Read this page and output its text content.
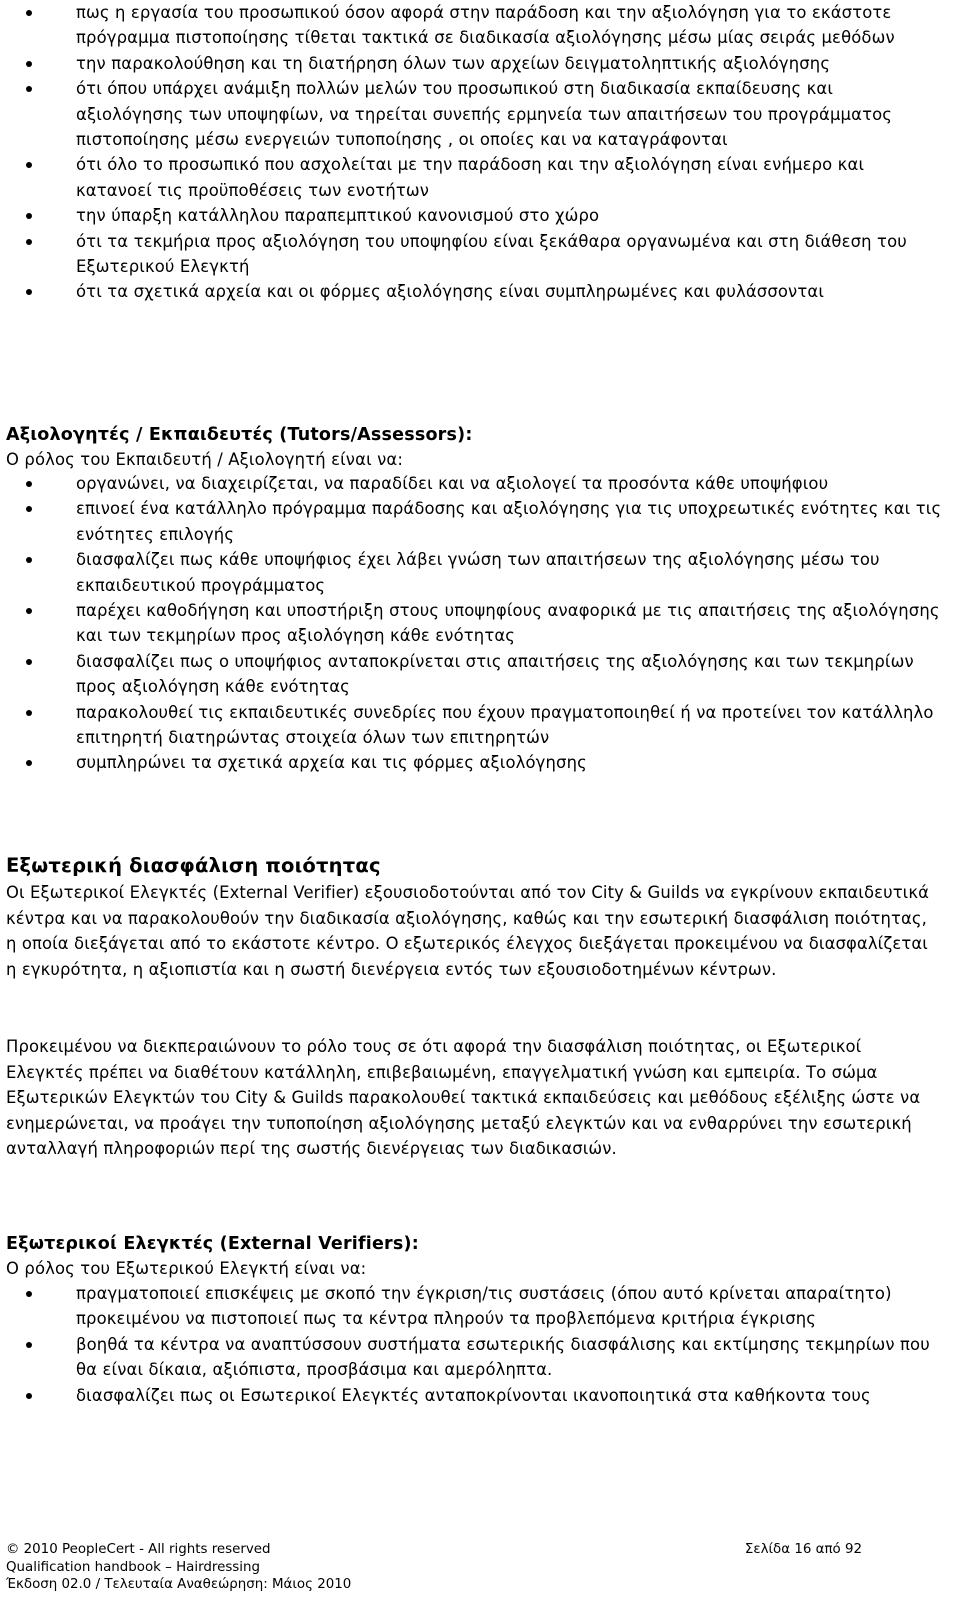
πως η εργασία του προσωπικού όσον αφορά στην παράδοση και την αξιολόγηση για το εκάστοτε πρόγραμμα πιστοποίησης τίθεται τακτικά σε διαδικασία αξιολόγησης μέσω μίας σειράς μεθόδων
την παρακολούθηση και τη διατήρηση όλων των αρχείων δειγματοληπτικής αξιολόγησης
ότι όπου υπάρχει ανάμιξη πολλών μελών του προσωπικού στη διαδικασία εκπαίδευσης και αξιολόγησης των υποψηφίων, να τηρείται συνεπής ερμηνεία των απαιτήσεων του προγράμματος πιστοποίησης μέσω ενεργειών τυποποίησης , οι οποίες και να καταγράφονται
ότι όλο το προσωπικό που ασχολείται με την παράδοση και την αξιολόγηση είναι ενήμερο και κατανοεί τις προϋποθέσεις των ενοτήτων
την ύπαρξη κατάλληλου παραπεμπτικού κανονισμού στο χώρο
ότι τα τεκμήρια προς αξιολόγηση του υποψηφίου είναι ξεκάθαρα οργανωμένα και στη διάθεση του Εξωτερικού Ελεγκτή
ότι τα σχετικά αρχεία και οι φόρμες αξιολόγησης είναι συμπληρωμένες και φυλάσσονται
Αξιολογητές / Εκπαιδευτές (Tutors/Assessors):
Ο ρόλος του Εκπαιδευτή / Αξιολογητή είναι να:
οργανώνει, να διαχειρίζεται, να παραδίδει και να αξιολογεί τα προσόντα κάθε υποψήφιου
επινοεί ένα κατάλληλο πρόγραμμα παράδοσης και αξιολόγησης για τις υποχρεωτικές ενότητες και τις ενότητες επιλογής
διασφαλίζει πως κάθε υποψήφιος έχει λάβει γνώση των απαιτήσεων της αξιολόγησης μέσω του εκπαιδευτικού προγράμματος
παρέχει καθοδήγηση και υποστήριξη στους υποψηφίους αναφορικά με τις απαιτήσεις της αξιολόγησης και των τεκμηρίων προς αξιολόγηση κάθε ενότητας
διασφαλίζει πως ο υποψήφιος ανταποκρίνεται στις απαιτήσεις της αξιολόγησης και των τεκμηρίων προς αξιολόγηση κάθε ενότητας
παρακολουθεί τις εκπαιδευτικές συνεδρίες που έχουν πραγματοποιηθεί ή να προτείνει τον κατάλληλο επιτηρητή διατηρώντας στοιχεία όλων των επιτηρητών
συμπληρώνει τα σχετικά αρχεία και τις φόρμες αξιολόγησης
Εξωτερική διασφάλιση ποιότητας

Οι Εξωτερικοί Ελεγκτές (External Verifier) εξουσιοδοτούνται από τον City & Guilds να εγκρίνουν εκπαιδευτικά κέντρα και να παρακολουθούν την διαδικασία αξιολόγησης, καθώς και την εσωτερική διασφάλιση ποιότητας, η οποία διεξάγεται από το εκάστοτε κέντρο. Ο εξωτερικός έλεγχος διεξάγεται προκειμένου να διασφαλίζεται η εγκυρότητα, η αξιοπιστία και η σωστή διενέργεια εντός των εξουσιοδοτημένων κέντρων.

Προκειμένου να διεκπεραιώνουν το ρόλο τους σε ότι αφορά την διασφάλιση ποιότητας, οι Εξωτερικοί Ελεγκτές πρέπει να διαθέτουν κατάλληλη, επιβεβαιωμένη, επαγγελματική γνώση και εμπειρία. Το σώμα Εξωτερικών Ελεγκτών του City & Guilds παρακολουθεί τακτικά εκπαιδεύσεις και μεθόδους εξέλιξης ώστε να ενημερώνεται, να προάγει την τυποποίηση αξιολόγησης μεταξύ ελεγκτών και να ενθαρρύνει την εσωτερική ανταλλαγή πληροφοριών περί της σωστής διενέργειας των διαδικασιών.

Εξωτερικοί Ελεγκτές (External Verifiers):
Ο ρόλος του Εξωτερικού Ελεγκτή είναι να:
πραγματοποιεί επισκέψεις με σκοπό την έγκριση/τις συστάσεις (όπου αυτό κρίνεται απαραίτητο) προκειμένου να πιστοποιεί πως τα κέντρα πληρούν τα προβλεπόμενα κριτήρια έγκρισης
βοηθά τα κέντρα να αναπτύσσουν συστήματα εσωτερικής διασφάλισης και εκτίμησης τεκμηρίων που θα είναι δίκαια, αξιόπιστα, προσβάσιμα και αμερόληπτα.
διασφαλίζει πως οι Εσωτερικοί Ελεγκτές ανταποκρίνονται ικανοποιητικά στα καθήκοντα τους
© 2010 PeopleCert - All rights reserved	Σελίδα 16 από 92
Qualification handbook – Hairdressing
Έκδοση 02.0 / Τελευταία Αναθεώρηση: Μάιος 2010
